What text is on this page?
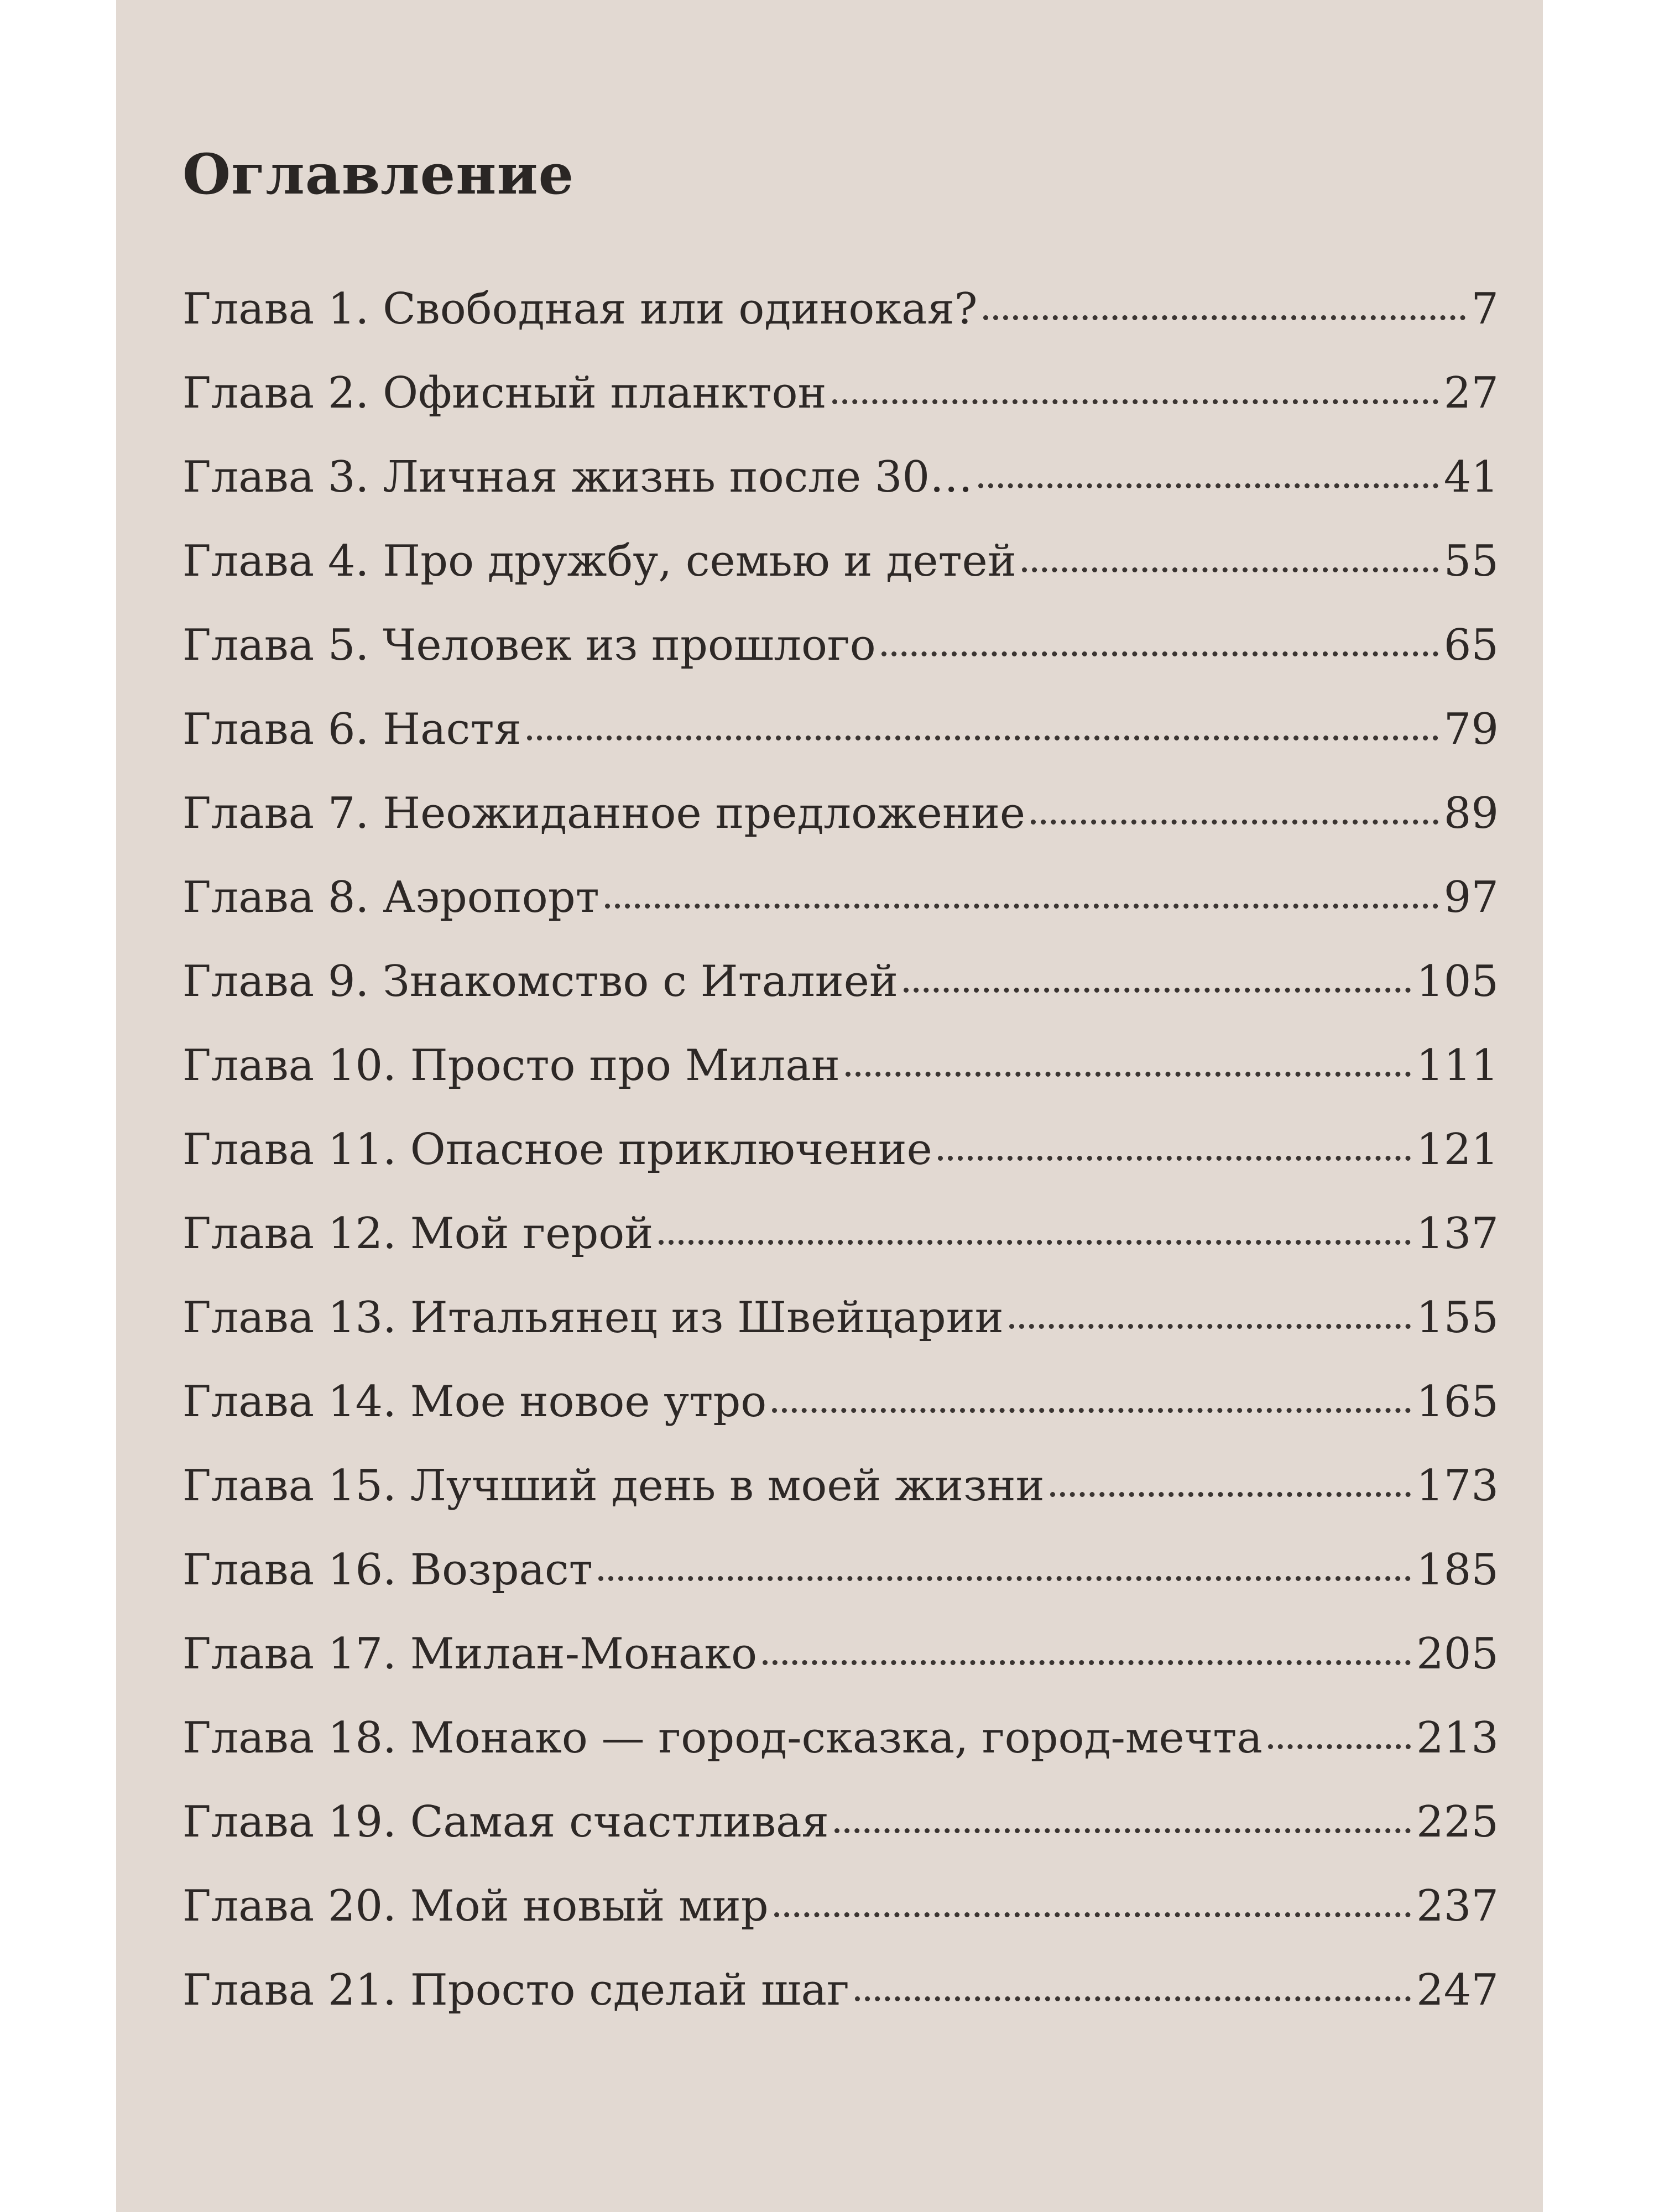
Оглавление
Глава 1. Свободная или одинокая?	7
Глава 2. Офисный планктон	27
Глава 3. Личная жизнь после 30…	41
Глава 4. Про дружбу, семью и детей	55
Глава 5. Человек из прошлого	65
Глава 6. Настя	79
Глава 7. Неожиданное предложение	89
Глава 8. Аэропорт	97
Глава 9. Знакомство с Италией	105
Глава 10. Просто про Милан	111
Глава 11. Опасное приключение	121
Глава 12. Мой герой	137
Глава 13. Итальянец из Швейцарии	155
Глава 14. Мое новое утро	165
Глава 15. Лучший день в моей жизни	173
Глава 16. Возраст	185
Глава 17. Милан-Монако	205
Глава 18. Монако — город-сказка, город-мечта	213
Глава 19. Самая счастливая	225
Глава 20. Мой новый мир	237
Глава 21. Просто сделай шаг	247
